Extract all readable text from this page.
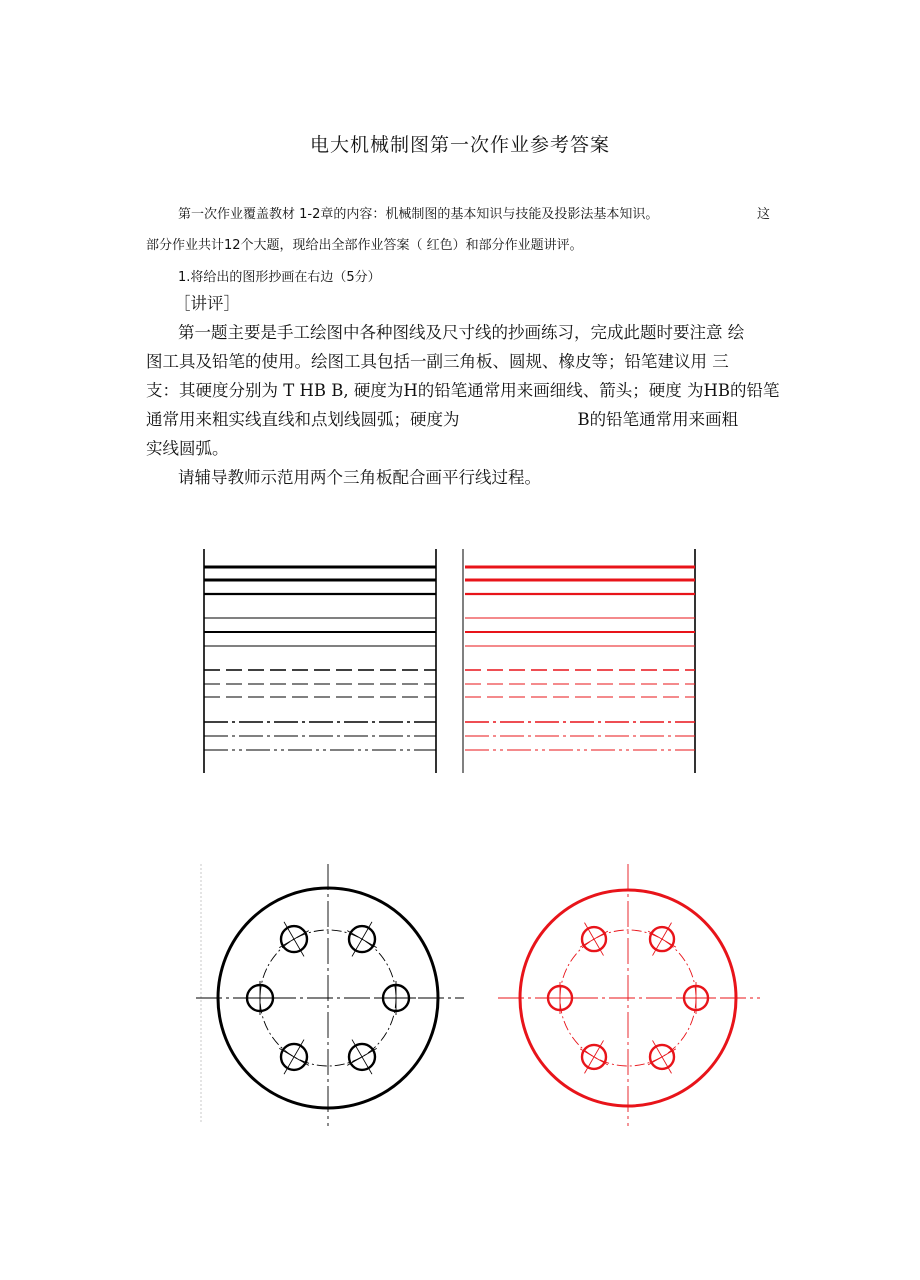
电大机械制图第一次作业参考答案
第一次作业覆盖教材 1-2章的内容：机械制图的基本知识与技能及投影法基本知识。	这
部分作业共计12个大题，现给出全部作业答案（ 红色）和部分作业题讲评。
1.将给出的图形抄画在右边（5分）
［讲评］
第一题主要是手工绘图中各种图线及尺寸线的抄画练习，完成此题时要注意 绘
图工具及铅笔的使用。绘图工具包括一副三角板、圆规、橡皮等；铅笔建议用 三
支：其硬度分别为 T HB B, 硬度为H的铅笔通常用来画细线、箭头；硬度 为HB的铅笔
通常用来粗实线直线和点划线圆弧；硬度为	B的铅笔通常用来画粗
实线圆弧。
请辅导教师示范用两个三角板配合画平行线过程。
